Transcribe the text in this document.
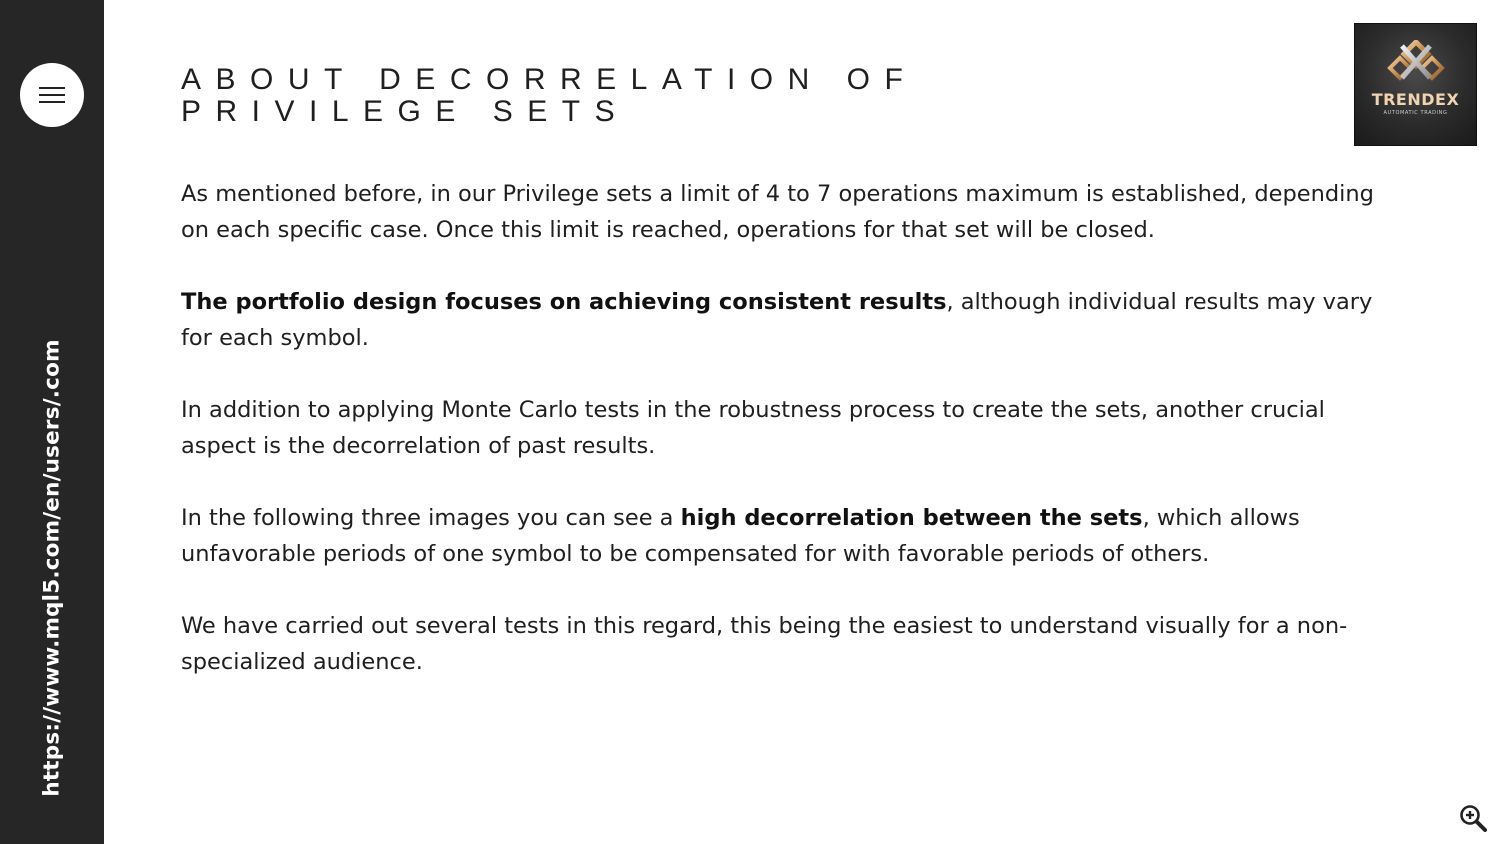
https://www.mql5.com/en/users/.com
ABOUT DECORRELATION OF PRIVILEGE SETS	TRENDEX
AUTOMATIC TRADING

As mentioned before, in our Privilege sets a limit of 4 to 7 operations maximum is established, depending on each specific case. Once this limit is reached, operations for that set will be closed.

The portfolio design focuses on achieving consistent results, although individual results may vary for each symbol.

In addition to applying Monte Carlo tests in the robustness process to create the sets, another crucial aspect is the decorrelation of past results.

In the following three images you can see a high decorrelation between the sets, which allows unfavorable periods of one symbol to be compensated for with favorable periods of others.

We have carried out several tests in this regard, this being the easiest to understand visually for a non-specialized audience.
